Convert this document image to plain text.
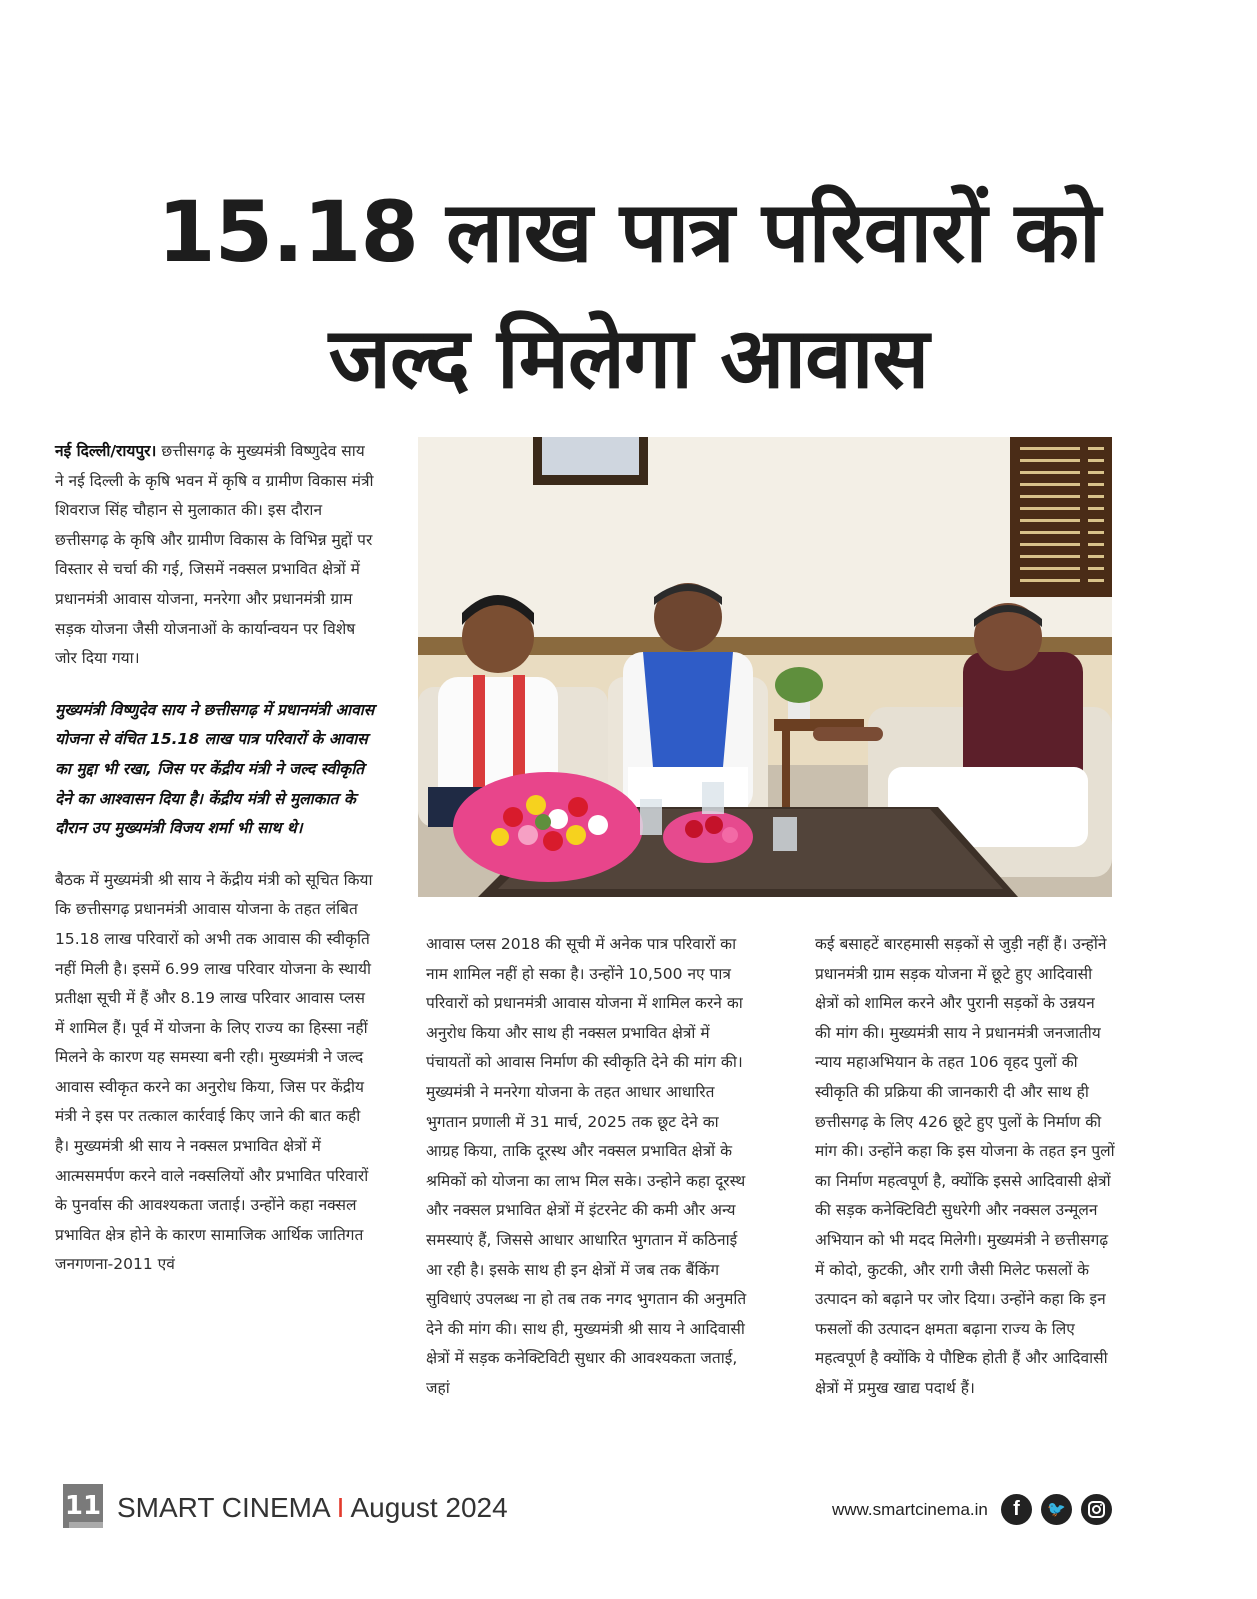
15.18 लाख पात्र परिवारों को
जल्द मिलेगा आवास

नई दिल्ली/रायपुर। छत्तीसगढ़ के मुख्यमंत्री विष्णुदेव साय ने नई दिल्ली के कृषि भवन में कृषि व ग्रामीण विकास मंत्री शिवराज सिंह चौहान से मुलाकात की। इस दौरान छत्तीसगढ़ के कृषि और ग्रामीण विकास के विभिन्न मुद्दों पर विस्तार से चर्चा की गई, जिसमें नक्सल प्रभावित क्षेत्रों में प्रधानमंत्री आवास योजना, मनरेगा और प्रधानमंत्री ग्राम सड़क योजना जैसी योजनाओं के कार्यान्वयन पर विशेष जोर दिया गया।

मुख्यमंत्री विष्णुदेव साय ने छत्तीसगढ़ में प्रधानमंत्री आवास योजना से वंचित 15.18 लाख पात्र परिवारों के आवास का मुद्दा भी रखा, जिस पर केंद्रीय मंत्री ने जल्द स्वीकृति देने का आश्वासन दिया है। केंद्रीय मंत्री से मुलाकात के दौरान उप मुख्यमंत्री विजय शर्मा भी साथ थे।

बैठक में मुख्यमंत्री श्री साय ने केंद्रीय मंत्री को सूचित किया कि छत्तीसगढ़ प्रधानमंत्री आवास योजना के तहत लंबित 15.18 लाख परिवारों को अभी तक आवास की स्वीकृति नहीं मिली है। इसमें 6.99 लाख परिवार योजना के स्थायी प्रतीक्षा सूची में हैं और 8.19 लाख परिवार आवास प्लस में शामिल हैं। पूर्व में योजना के लिए राज्य का हिस्सा नहीं मिलने के कारण यह समस्या बनी रही। मुख्यमंत्री ने जल्द आवास स्वीकृत करने का अनुरोध किया, जिस पर केंद्रीय मंत्री ने इस पर तत्काल कार्रवाई किए जाने की बात कही है। मुख्यमंत्री श्री साय ने नक्सल प्रभावित क्षेत्रों में आत्मसमर्पण करने वाले नक्सलियों और प्रभावित परिवारों के पुनर्वास की आवश्यकता जताई। उन्होंने कहा नक्सल प्रभावित क्षेत्र होने के कारण सामाजिक आर्थिक जातिगत जनगणना-2011 एवं

आवास प्लस 2018 की सूची में अनेक पात्र परिवारों का नाम शामिल नहीं हो सका है। उन्होंने 10,500 नए पात्र परिवारों को प्रधानमंत्री आवास योजना में शामिल करने का अनुरोध किया और साथ ही नक्सल प्रभावित क्षेत्रों में पंचायतों को आवास निर्माण की स्वीकृति देने की मांग की। मुख्यमंत्री ने मनरेगा योजना के तहत आधार आधारित भुगतान प्रणाली में 31 मार्च, 2025 तक छूट देने का आग्रह किया, ताकि दूरस्थ और नक्सल प्रभावित क्षेत्रों के श्रमिकों को योजना का लाभ मिल सके। उन्होने कहा दूरस्थ और नक्सल प्रभावित क्षेत्रों में इंटरनेट की कमी और अन्य समस्याएं हैं, जिससे आधार आधारित भुगतान में कठिनाई आ रही है। इसके साथ ही इन क्षेत्रों में जब तक बैंकिंग सुविधाएं उपलब्ध ना हो तब तक नगद भुगतान की अनुमति देने की मांग की। साथ ही, मुख्यमंत्री श्री साय ने आदिवासी क्षेत्रों में सड़क कनेक्टिविटी सुधार की आवश्यकता जताई, जहां

कई बसाहटें बारहमासी सड़कों से जुड़ी नहीं हैं। उन्होंने प्रधानमंत्री ग्राम सड़क योजना में छूटे हुए आदिवासी क्षेत्रों को शामिल करने और पुरानी सड़कों के उन्नयन की मांग की। मुख्यमंत्री साय ने प्रधानमंत्री जनजातीय न्याय महाअभियान के तहत 106 वृहद पुलों की स्वीकृति की प्रक्रिया की जानकारी दी और साथ ही छत्तीसगढ़ के लिए 426 छूटे हुए पुलों के निर्माण की मांग की। उन्होंने कहा कि इस योजना के तहत इन पुलों का निर्माण महत्वपूर्ण है, क्योंकि इससे आदिवासी क्षेत्रों की सड़क कनेक्टिविटी सुधरेगी और नक्सल उन्मूलन अभियान को भी मदद मिलेगी। मुख्यमंत्री ने छत्तीसगढ़ में कोदो, कुटकी, और रागी जैसी मिलेट फसलों के उत्पादन को बढ़ाने पर जोर दिया। उन्होंने कहा कि इन फसलों की उत्पादन क्षमता बढ़ाना राज्य के लिए महत्वपूर्ण है क्योंकि ये पौष्टिक होती हैं और आदिवासी क्षेत्रों में प्रमुख खाद्य पदार्थ हैं।

11 SMART CINEMA I August 2024	www.smartcinema.in	f	🐦
